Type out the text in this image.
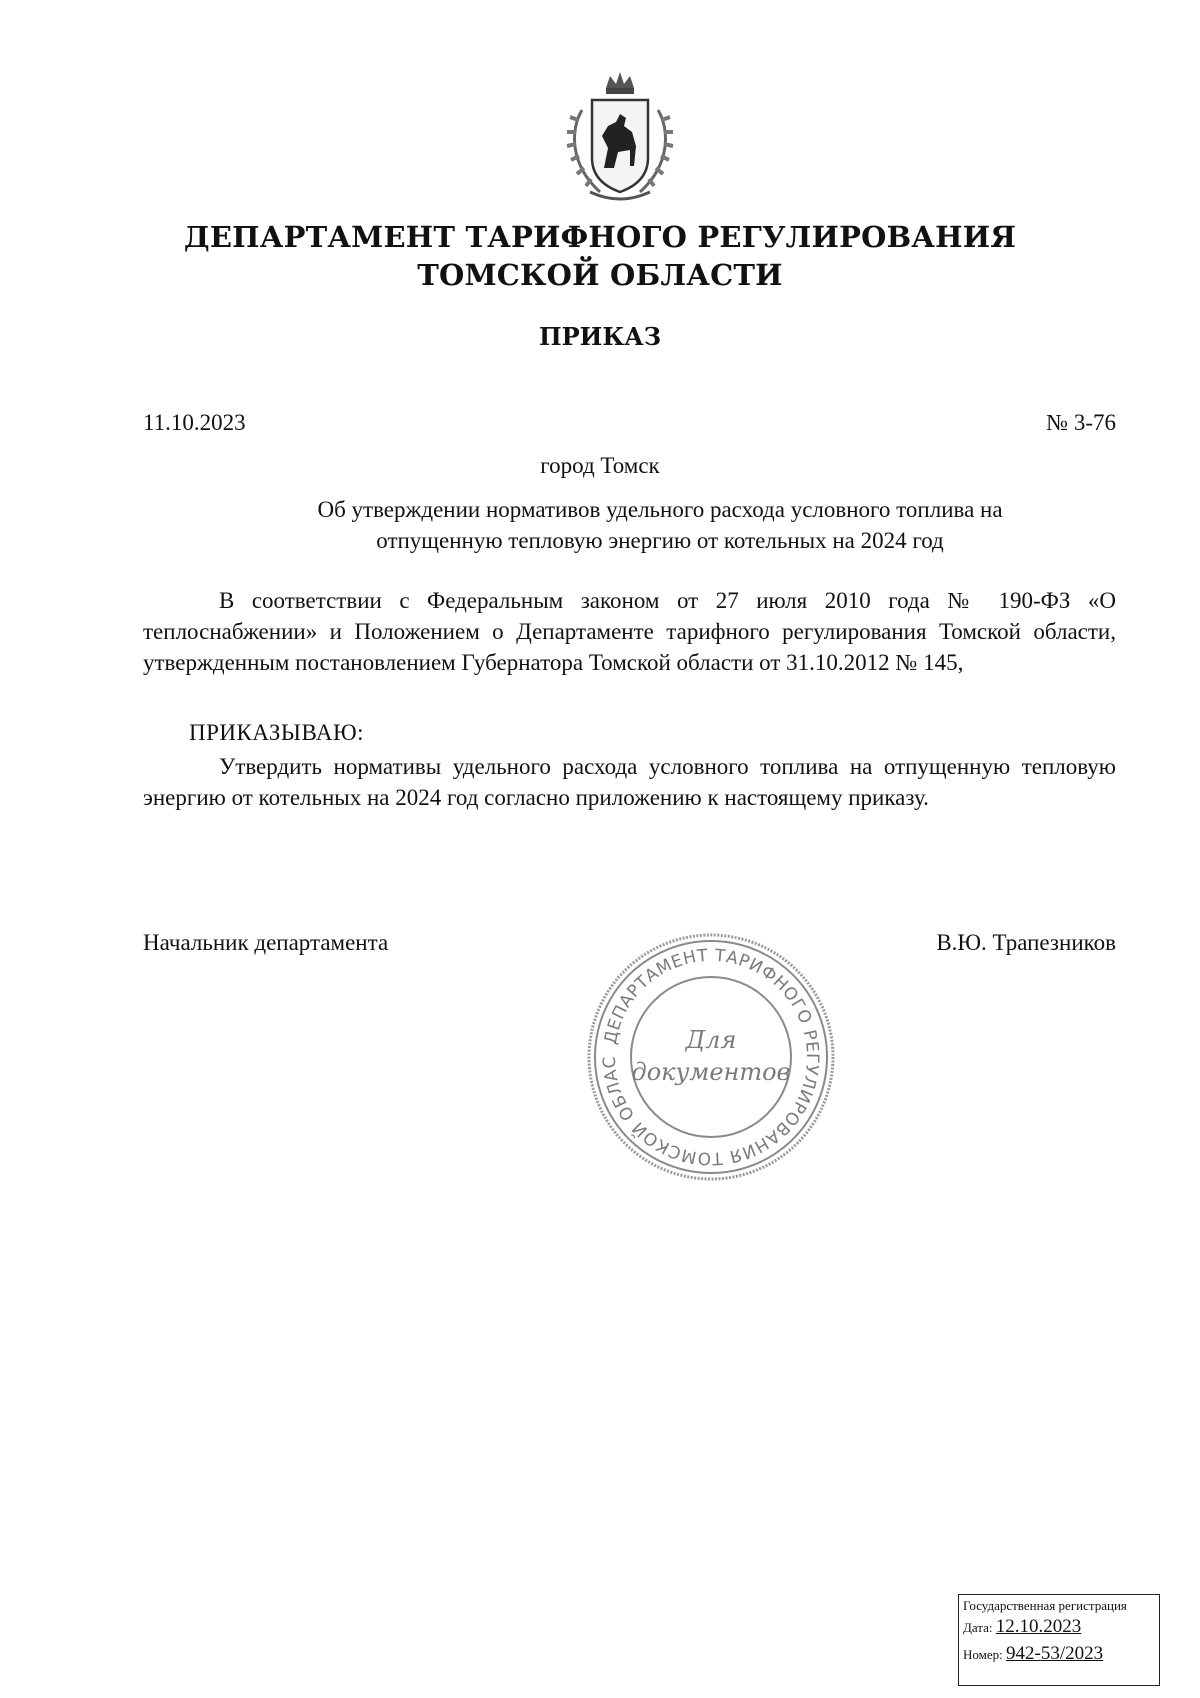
ДЕПАРТАМЕНТ ТАРИФНОГО РЕГУЛИРОВАНИЯ
ТОМСКОЙ ОБЛАСТИ
ПРИКАЗ
11.10.2023	№ 3-76
город Томск
Об утверждении нормативов удельного расхода условного топлива на
отпущенную тепловую энергию от котельных на 2024 год
В соответствии с Федеральным законом от 27 июля 2010 года № 190-ФЗ «О теплоснабжении» и Положением о Департаменте тарифного регулирования Томской области, утвержденным постановлением Губернатора Томской области от 31.10.2012 № 145,
ПРИКАЗЫВАЮ:
Утвердить нормативы удельного расхода условного топлива на отпущенную тепловую энергию от котельных на 2024 год согласно приложению к настоящему приказу.
Начальник департамента	В.Ю. Трапезников
ДЕПАРТАМЕНТ ТАРИФНОГО РЕГУЛИРОВАНИЯ ТОМСКОЙ ОБЛАС
Для
документов
Государственная регистрация
Дата: 12.10.2023
Номер: 942-53/2023
